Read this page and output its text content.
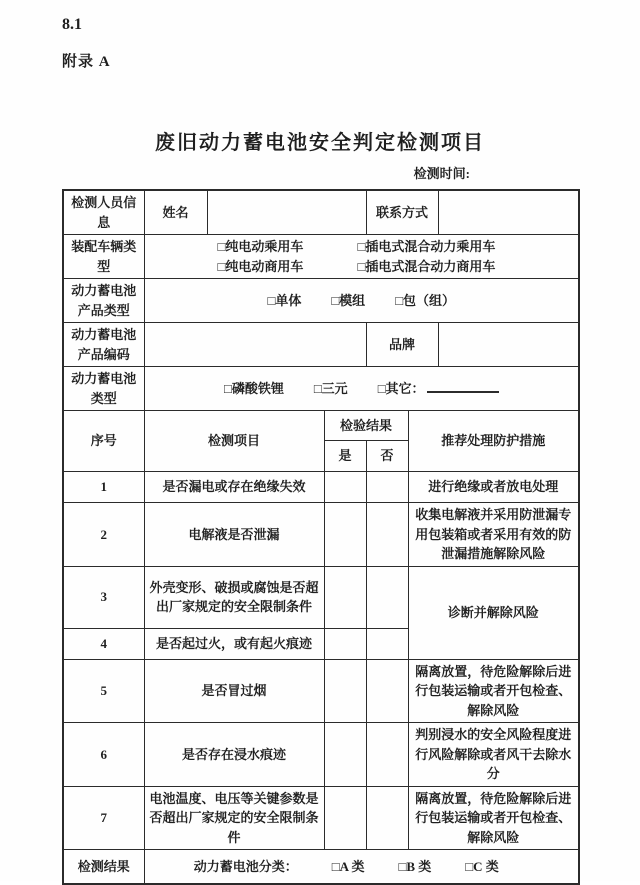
8.1
附录 A
废旧动力蓄电池安全判定检测项目
检测时间:
检测人员信息	姓名			联系方式		
装配车辆类型	□纯电动乘用车 □插电式混合动力乘用车
□纯电动商用车 □插电式混合动力商用车					

动力蓄电池产品类型	□单体 □模组 □包（组）					

动力蓄电池产品编码				品牌		
动力蓄电池类型	□磷酸铁锂 □三元 □其它：					

序号	检测项目		检验结果		推荐处理防护措施	
			是	否		
1	是否漏电或存在绝缘失效				进行绝缘或者放电处理	
2	电解液是否泄漏				收集电解液并采用防泄漏专用包装箱或者采用有效的防泄漏措施解除风险	
3	外壳变形、破损或腐蚀是否超出厂家规定的安全限制条件				诊断并解除风险	
4	是否起过火，或有起火痕迹					
5	是否冒过烟				隔离放置，待危险解除后进行包装运输或者开包检查、解除风险	
6	是否存在浸水痕迹				判别浸水的安全风险程度进行风险解除或者风干去除水分	
7	电池温度、电压等关键参数是否超出厂家规定的安全限制条件				隔离放置，待危险解除后进行包装运输或者开包检查、解除风险	
检测结果	动力蓄电池分类： □A 类 □B 类 □C 类					
